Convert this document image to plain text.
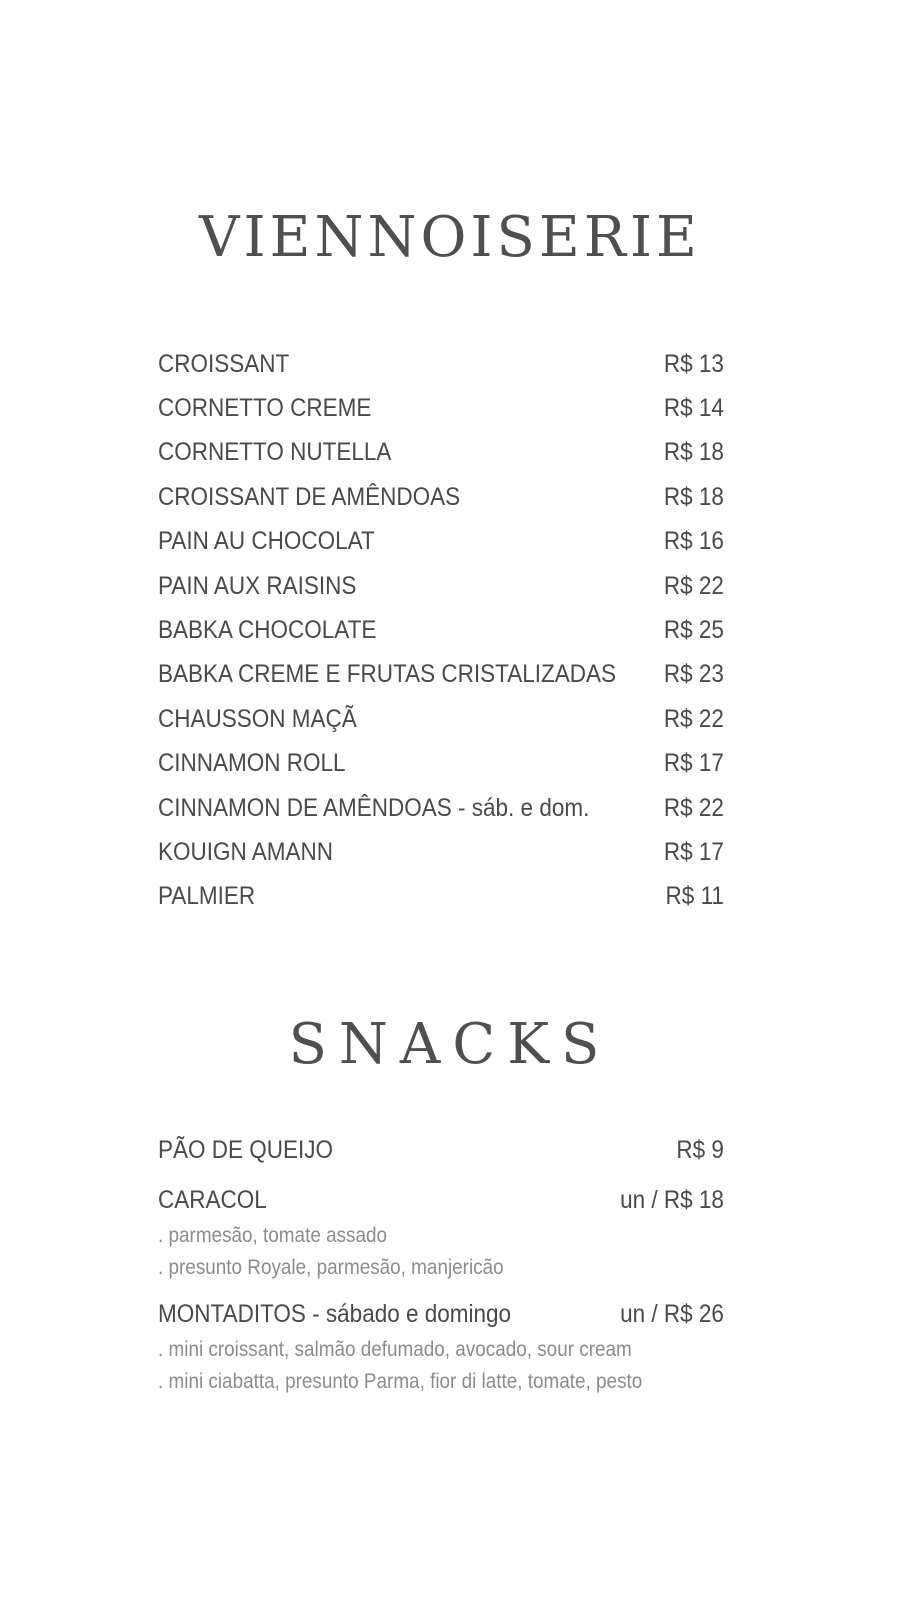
VIENNOISERIE
CROISSANT	R$ 13
CORNETTO CREME	R$ 14
CORNETTO NUTELLA	R$ 18
CROISSANT DE AMÊNDOAS	R$ 18
PAIN AU CHOCOLAT	R$ 16
PAIN AUX RAISINS	R$ 22
BABKA CHOCOLATE	R$ 25
BABKA CREME E FRUTAS CRISTALIZADAS R$ 23
CHAUSSON MAÇÃ	R$ 22
CINNAMON ROLL	R$ 17
CINNAMON DE AMÊNDOAS - sáb. e dom.	R$ 22
KOUIGN AMANN	R$ 17
PALMIER	R$ 11
SNACKS
PÃO DE QUEIJO	R$ 9
CARACOL	un / R$ 18
. parmesão, tomate assado
. presunto Royale, parmesão, manjericão
MONTADITOS - sábado e domingo	un / R$ 26
. mini croissant, salmão defumado, avocado, sour cream
. mini ciabatta, presunto Parma, fior di latte, tomate, pesto
